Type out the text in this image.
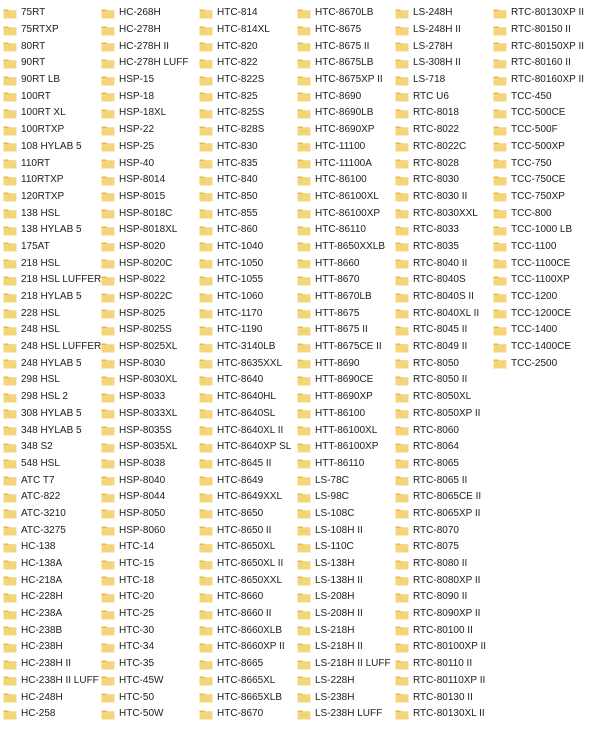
75RT
75RTXP
80RT
90RT
90RT LB
100RT
100RT XL
100RTXP
108 HYLAB 5
110RT
110RTXP
120RTXP
138 HSL
138 HYLAB 5
175AT
218 HSL
218 HSL LUFFER
218 HYLAB 5
228 HSL
248 HSL
248 HSL LUFFER
248 HYLAB 5
298 HSL
298 HSL 2
308 HYLAB 5
348 HYLAB 5
348 S2
548 HSL
ATC T7
ATC-822
ATC-3210
ATC-3275
HC-138
HC-138A
HC-218A
HC-228H
HC-238A
HC-238B
HC-238H
HC-238H II
HC-238H II LUFF
HC-248H
HC-258
HC-268H
HC-278H
HC-278H II
HC-278H LUFF
HSP-15
HSP-18
HSP-18XL
HSP-22
HSP-25
HSP-40
HSP-8014
HSP-8015
HSP-8018C
HSP-8018XL
HSP-8020
HSP-8020C
HSP-8022
HSP-8022C
HSP-8025
HSP-8025S
HSP-8025XL
HSP-8030
HSP-8030XL
HSP-8033
HSP-8033XL
HSP-8035S
HSP-8035XL
HSP-8038
HSP-8040
HSP-8044
HSP-8050
HSP-8060
HTC-14
HTC-15
HTC-18
HTC-20
HTC-25
HTC-30
HTC-34
HTC-35
HTC-45W
HTC-50
HTC-50W
HTC-814
HTC-814XL
HTC-820
HTC-822
HTC-822S
HTC-825
HTC-825S
HTC-828S
HTC-830
HTC-835
HTC-840
HTC-850
HTC-855
HTC-860
HTC-1040
HTC-1050
HTC-1055
HTC-1060
HTC-1170
HTC-1190
HTC-3140LB
HTC-8635XXL
HTC-8640
HTC-8640HL
HTC-8640SL
HTC-8640XL II
HTC-8640XP SL
HTC-8645 II
HTC-8649
HTC-8649XXL
HTC-8650
HTC-8650 II
HTC-8650XL
HTC-8650XL II
HTC-8650XXL
HTC-8660
HTC-8660 II
HTC-8660XLB
HTC-8660XP II
HTC-8665
HTC-8665XL
HTC-8665XLB
HTC-8670
HTC-8670LB
HTC-8675
HTC-8675 II
HTC-8675LB
HTC-8675XP II
HTC-8690
HTC-8690LB
HTC-8690XP
HTC-11100
HTC-11100A
HTC-86100
HTC-86100XL
HTC-86100XP
HTC-86110
HTT-8650XXLB
HTT-8660
HTT-8670
HTT-8670LB
HTT-8675
HTT-8675 II
HTT-8675CE II
HTT-8690
HTT-8690CE
HTT-8690XP
HTT-86100
HTT-86100XL
HTT-86100XP
HTT-86110
LS-78C
LS-98C
LS-108C
LS-108H II
LS-110C
LS-138H
LS-138H II
LS-208H
LS-208H II
LS-218H
LS-218H II
LS-218H II LUFF
LS-228H
LS-238H
LS-238H LUFF
LS-248H
LS-248H II
LS-278H
LS-308H II
LS-718
RTC U6
RTC-8018
RTC-8022
RTC-8022C
RTC-8028
RTC-8030
RTC-8030 II
RTC-8030XXL
RTC-8033
RTC-8035
RTC-8040 II
RTC-8040S
RTC-8040S II
RTC-8040XL II
RTC-8045 II
RTC-8049 II
RTC-8050
RTC-8050 II
RTC-8050XL
RTC-8050XP II
RTC-8060
RTC-8064
RTC-8065
RTC-8065 II
RTC-8065CE II
RTC-8065XP II
RTC-8070
RTC-8075
RTC-8080 II
RTC-8080XP II
RTC-8090 II
RTC-8090XP II
RTC-80100 II
RTC-80100XP II
RTC-80110 II
RTC-80110XP II
RTC-80130 II
RTC-80130XL II
RTC-80130XP II
RTC-80150 II
RTC-80150XP II
RTC-80160 II
RTC-80160XP II
TCC-450
TCC-500CE
TCC-500F
TCC-500XP
TCC-750
TCC-750CE
TCC-750XP
TCC-800
TCC-1000 LB
TCC-1100
TCC-1100CE
TCC-1100XP
TCC-1200
TCC-1200CE
TCC-1400
TCC-1400CE
TCC-2500
